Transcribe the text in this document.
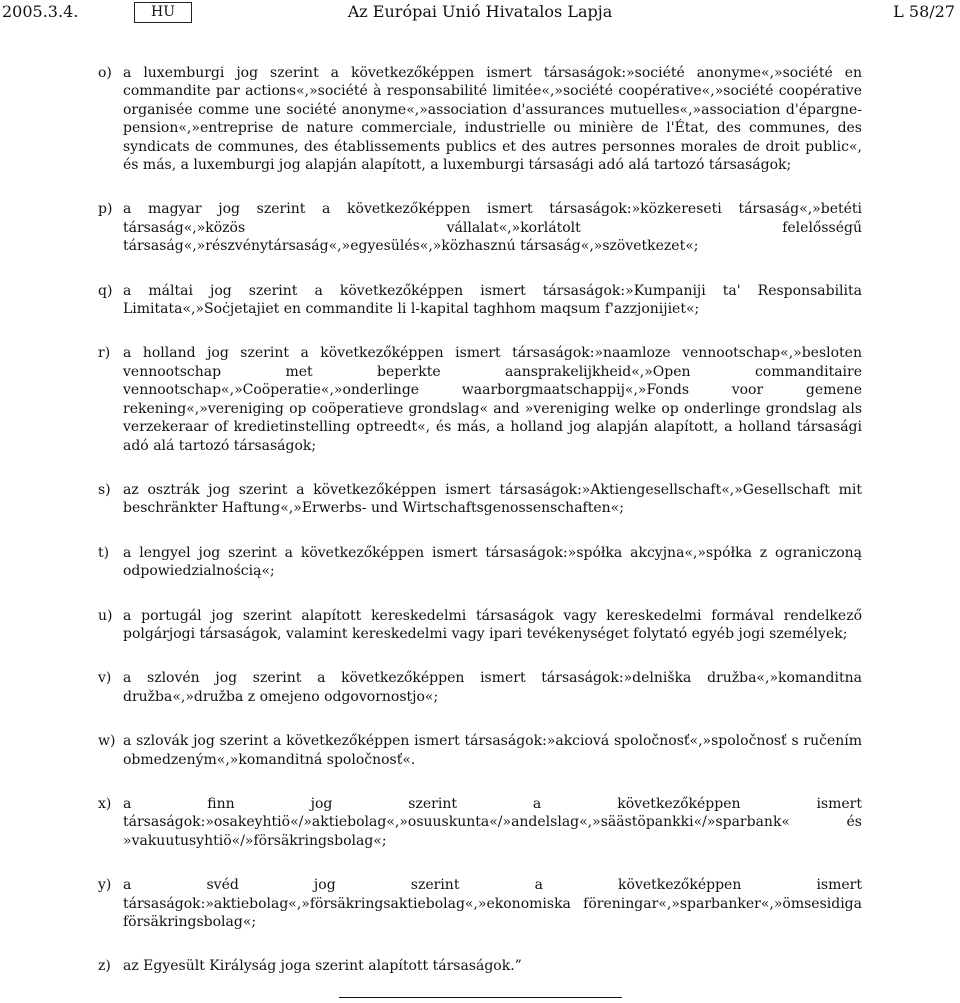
2005.3.4.	HU	Az Európai Unió Hivatalos Lapja	L 58/27
o) a luxemburgi jog szerint a következőképpen ismert társaságok:»société anonyme«,»société en commandite par actions«,»société à responsabilité limitée«,»société coopérative«,»société coopérative organisée comme une société anonyme«,»association d'assurances mutuelles«,»association d'épargne-pension«,»entreprise de nature commerciale, industrielle ou minière de l'État, des communes, des syndicats de communes, des établissements publics et des autres personnes morales de droit public«, és más, a luxemburgi jog alapján alapított, a luxemburgi társasági adó alá tartozó társaságok;
p) a magyar jog szerint a következőképpen ismert társaságok:»közkereseti társaság«,»betéti társaság«,»közös vállalat«,»korlátolt felelősségű társaság«,»részvénytársaság«,»egyesülés«,»közhasznú társaság«,»szövetkezet«;
q) a máltai jog szerint a következőképpen ismert társaságok:»Kumpaniji ta' Responsabilita Limitata«,»Soċjetajiet en commandite li l-kapital taghhom maqsum f'azzjonijiet«;
r) a holland jog szerint a következőképpen ismert társaságok:»naamloze vennootschap«,»besloten vennootschap met beperkte aansprakelijkheid«,»Open commanditaire vennootschap«,»Coöperatie«,»onderlinge waarborgmaatschappij«,»Fonds voor gemene rekening«,»vereniging op coöperatieve grondslag« and »vereniging welke op onderlinge grondslag als verzekeraar of kredietinstelling optreedt«, és más, a holland jog alapján alapított, a holland társasági adó alá tartozó társaságok;
s) az osztrák jog szerint a következőképpen ismert társaságok:»Aktiengesellschaft«,»Gesellschaft mit beschränkter Haftung«,»Erwerbs- und Wirtschaftsgenossenschaften«;
t) a lengyel jog szerint a következőképpen ismert társaságok:»spółka akcyjna«,»spółka z ograniczoną odpowiedzialnością«;
u) a portugál jog szerint alapított kereskedelmi társaságok vagy kereskedelmi formával rendelkező polgárjogi társaságok, valamint kereskedelmi vagy ipari tevékenységet folytató egyéb jogi személyek;
v) a szlovén jog szerint a következőképpen ismert társaságok:»delniška družba«,»komanditna družba«,»družba z omejeno odgovornostjo«;
w) a szlovák jog szerint a következőképpen ismert társaságok:»akciová spoločnosť«,»spoločnosť s ručením obmedzeným«,»komanditná spoločnosť«.
x) a finn jog szerint a következőképpen ismert társaságok:»osakeyhtiö«/»aktiebolag«,»osuuskunta«/»andelslag«,»säästöpankki«/»sparbank« és »vakuutusyhtiö«/»försäkringsbolag«;
y) a svéd jog szerint a következőképpen ismert társaságok:»aktiebolag«,»försäkringsaktiebolag«,»ekonomiska föreningar«,»sparbanker«,»ömsesidiga försäkringsbolag«;
z) az Egyesült Királyság joga szerint alapított társaságok.”
